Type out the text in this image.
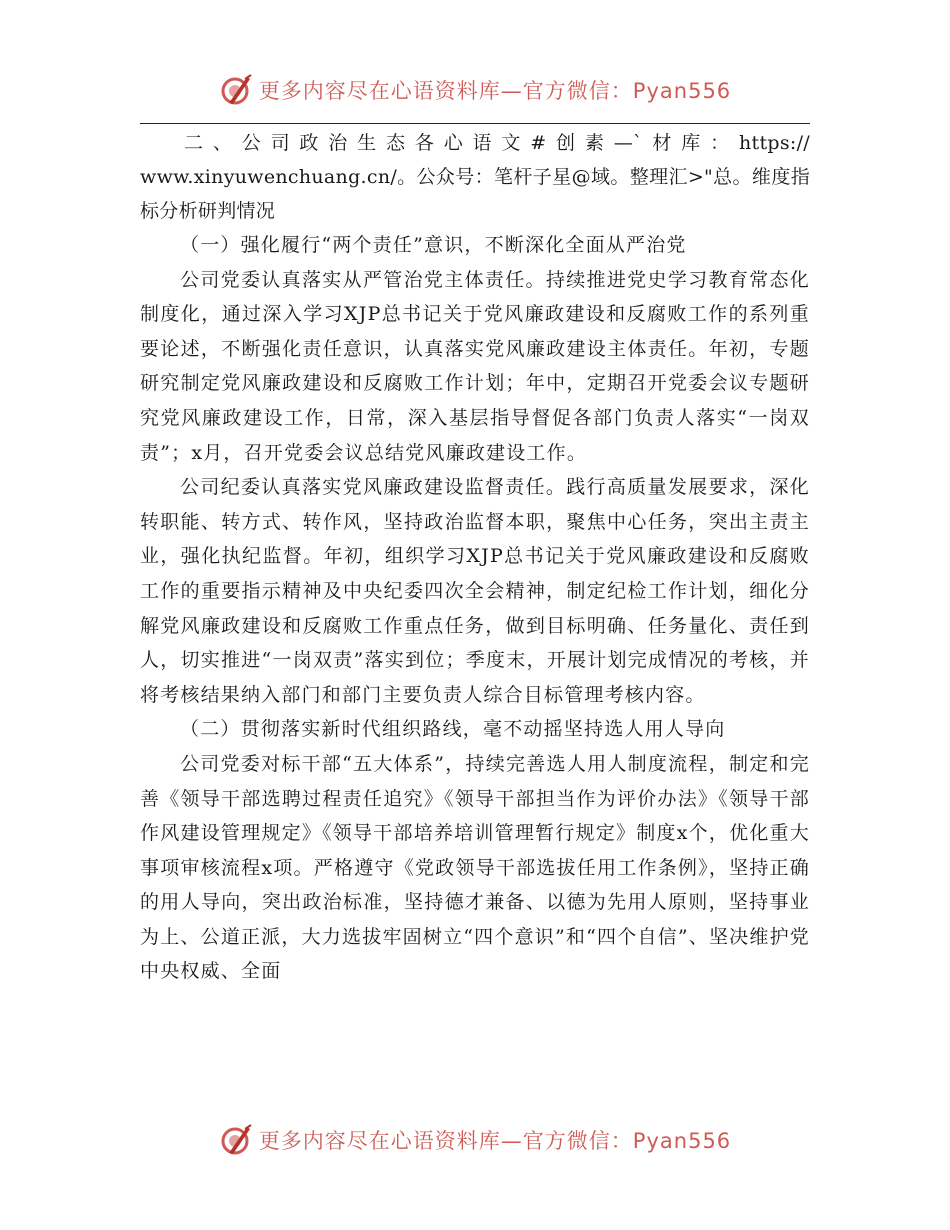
更多内容尽在心语资料库—官方微信：Pyan556

二、公司政治生态各心语文#创素—`材库：https:// www.xinyuwenchuang.cn/。公众号：笔杆子星@域。整理汇>"总。维度指标分析研判情况

（一）强化履行“两个责任”意识，不断深化全面从严治党

公司党委认真落实从严管治党主体责任。持续推进党史学习教育常态化制度化，通过深入学习XJP总书记关于党风廉政建设和反腐败工作的系列重要论述，不断强化责任意识，认真落实党风廉政建设主体责任。年初，专题研究制定党风廉政建设和反腐败工作计划；年中，定期召开党委会议专题研究党风廉政建设工作，日常，深入基层指导督促各部门负责人落实“一岗双责”；x月，召开党委会议总结党风廉政建设工作。

公司纪委认真落实党风廉政建设监督责任。践行高质量发展要求，深化转职能、转方式、转作风，坚持政治监督本职，聚焦中心任务，突出主责主业，强化执纪监督。年初，组织学习XJP总书记关于党风廉政建设和反腐败工作的重要指示精神及中央纪委四次全会精神，制定纪检工作计划，细化分解党风廉政建设和反腐败工作重点任务，做到目标明确、任务量化、责任到人，切实推进“一岗双责”落实到位；季度末，开展计划完成情况的考核，并将考核结果纳入部门和部门主要负责人综合目标管理考核内容。

（二）贯彻落实新时代组织路线，毫不动摇坚持选人用人导向

公司党委对标干部“五大体系”，持续完善选人用人制度流程，制定和完善《领导干部选聘过程责任追究》《领导干部担当作为评价办法》《领导干部作风建设管理规定》《领导干部培养培训管理暂行规定》制度x个，优化重大事项审核流程x项。严格遵守《党政领导干部选拔任用工作条例》，坚持正确的用人导向，突出政治标准，坚持德才兼备、以德为先用人原则，坚持事业为上、公道正派，大力选拔牢固树立“四个意识”和“四个自信”、坚决维护党中央权威、全面

更多内容尽在心语资料库—官方微信：Pyan556
